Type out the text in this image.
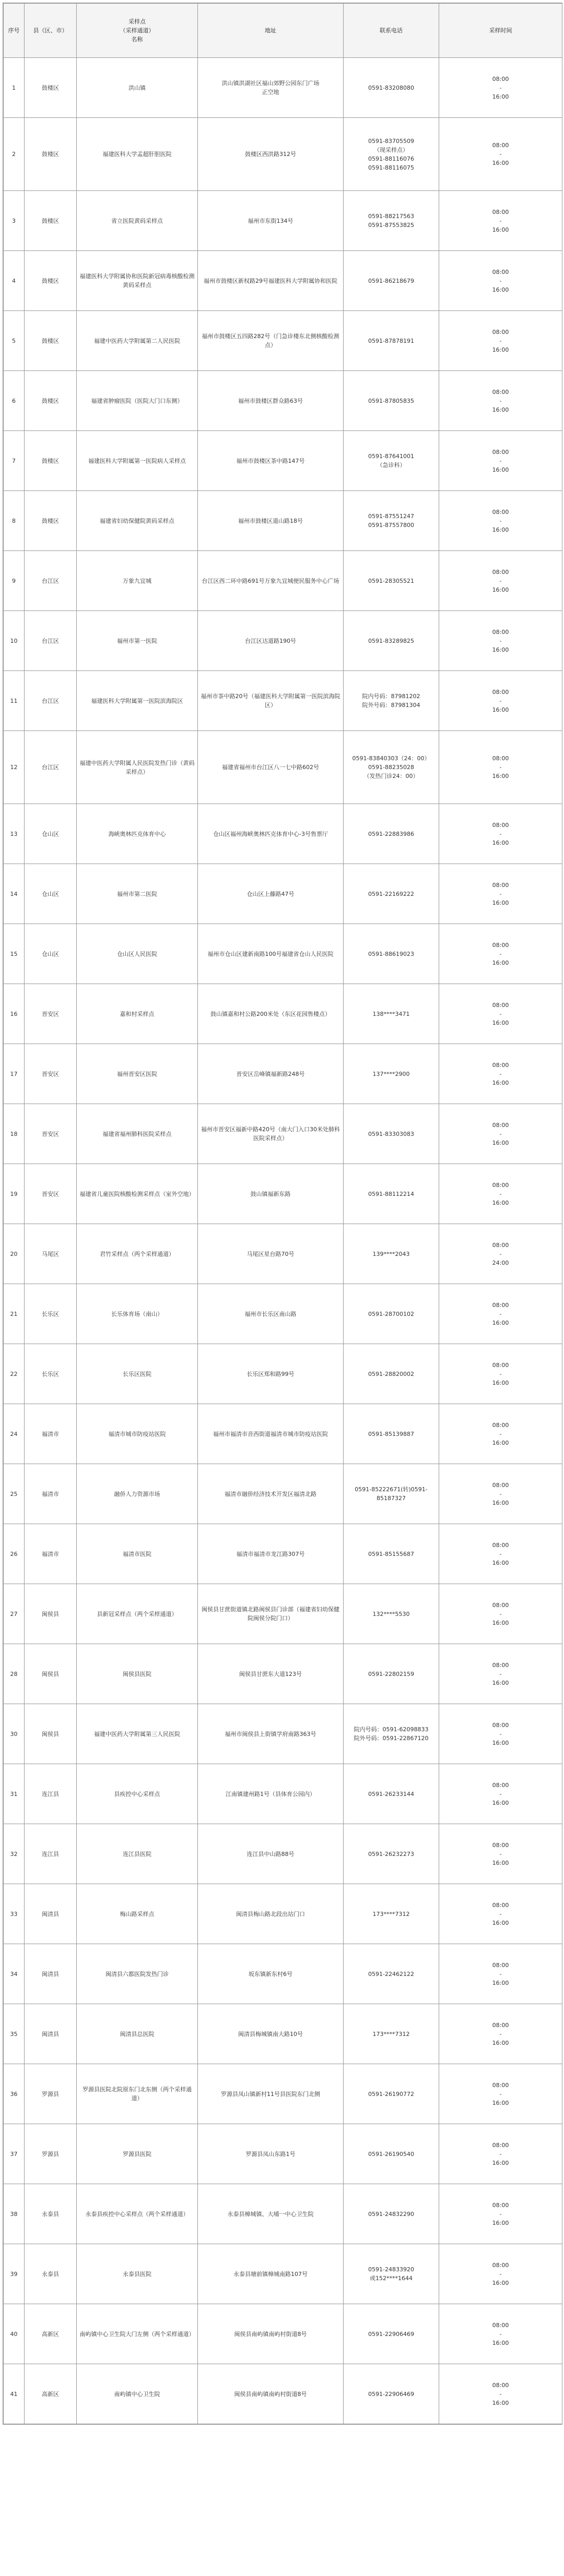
序号	县（区、市）	采样点
（采样通道）
名称	地址	联系电话	采样时间
1	鼓楼区	洪山镇	洪山镇洪湖社区福山郊野公园东门广场
正空地	0591-83208080	08:00
-
16:00

2	鼓楼区	福建医科大学孟超肝胆医院	鼓楼区西洪路312号	0591-83705509
（现采样点）
0591-88116076
0591-88116075	08:00
-
16:00

3	鼓楼区	省立医院黄码采样点	福州市东街134号	0591-88217563
0591-87553825	08:00
-
16:00

4	鼓楼区	福建医科大学附属协和医院新冠病毒核酸检测黄码采样点	福州市鼓楼区新权路29号福建医科大学附属协和医院	0591-86218679	08:00
-
16:00

5	鼓楼区	福建中医药大学附属第二人民医院	福州市鼓楼区五四路282号（门急诊楼东北侧核酸检测点）	0591-87878191	08:00
-
16:00

6	鼓楼区	福建省肿瘤医院（医院大门口东侧）	福州市鼓楼区群众路63号	0591-87805835	08:00
-
16:00

7	鼓楼区	福建医科大学附属第一医院病人采样点	福州市鼓楼区茶中路147号	0591-87641001
（急诊科）	08:00
-
16:00

8	鼓楼区	福建省妇幼保健院黄码采样点	福州市鼓楼区道山路18号	0591-87551247
0591-87557800	08:00
-
16:00

9	台江区	万象九宜城	台江区西二环中路691号万象九宜城便民服务中心广场	0591-28305521	08:00
-
16:00

10	台江区	福州市第一医院	台江区达道路190号	0591-83289825	08:00
-
16:00

11	台江区	福建医科大学附属第一医院滨海院区	福州市茶中路20号（福建医科大学附属第一医院滨海院区）	院内号码：87981202
院外号码：87981304	08:00
-
16:00

12	台江区	福建中医药大学附属人民医院发热门诊（黄码采样点）	福建省福州市台江区八一七中路602号	0591-83840303（24：00）0591-88235028
（发热门诊24：00）	08:00
-
16:00

13	仓山区	海峡奥林匹克体育中心	仓山区福州海峡奥林匹克体育中心-3号售票厅	0591-22883986	08:00
-
16:00

14	仓山区	福州市第二医院	仓山区上藤路47号	0591-22169222	08:00
-
16:00

15	仓山区	仓山区人民医院	福州市仓山区建新南路100号福建省仓山人民医院	0591-88619023	08:00
-
16:00

16	晋安区	嘉和村采样点	鼓山镇嘉和村公路200米处（东区花园售楼点）	138****3471	08:00
-
16:00

17	晋安区	福州晋安区医院	晋安区岳峰镇福新路248号	137****2900	08:00
-
16:00

18	晋安区	福建省福州肺科医院采样点	福州市晋安区福新中路420号（南大门入口30米处肺科医院采样点）	0591-83303083	08:00
-
16:00

19	晋安区	福建省儿童医院核酸检测采样点（室外空地）	鼓山镇福新东路	0591-88112214	08:00
-
16:00

20	马尾区	君竹采样点（两个采样通道）	马尾区星台路70号	139****2043	08:00
-
24:00

21	长乐区	长乐体育场（南山）	福州市长乐区南山路	0591-28700102	08:00
-
16:00

22	长乐区	长乐区医院	长乐区郑和路99号	0591-28820002	08:00
-
16:00

24	福清市	福清市城市防疫站医院	福州市福清市音西街道福清市城市防疫站医院	0591-85139887	08:00
-
16:00

25	福清市	融侨人力资源市场	福清市融侨经济技术开发区福清北路	0591-85222671(转)0591-85187327	08:00
-
16:00

26	福清市	福清市医院	福清市福清市龙江路307号	0591-85155687	08:00
-
16:00

27	闽侯县	县新冠采样点（两个采样通道）	闽侯县甘蔗街道镇北路闽侯县门诊部（福建省妇幼保健院闽侯分院门口）	132****5530	08:00
-
16:00

28	闽侯县	闽侯县医院	闽侯县甘蔗东大道123号	0591-22802159	08:00
-
16:00

30	闽侯县	福建中医药大学附属第三人民医院	福州市闽侯县上街镇学府南路363号	院内号码：0591-62098833
院外号码：0591-22867120	08:00
-
16:00

31	连江县	县疾控中心采样点	江南镇建州路1号（县体育公园内）	0591-26233144	08:00
-
16:00

32	连江县	连江县医院	连江县中山路88号	0591-26232273	08:00
-
16:00

33	闽清县	梅山路采样点	闽清县梅山路北段出站门口	173****7312	08:00
-
16:00

34	闽清县	闽清县六都医院发热门诊	坂东镇新东村6号	0591-22462122	08:00
-
16:00

35	闽清县	闽清县总医院	闽清县梅城镇南大路10号	173****7312	08:00
-
16:00

36	罗源县	罗源县医院北院原东门北东侧（两个采样通道）	罗源县凤山镇新村11号县医院东门北侧	0591-26190772	08:00
-
16:00

37	罗源县	罗源县医院	罗源县凤山东路1号	0591-26190540	08:00
-
16:00

38	永泰县	永泰县疾控中心采样点（两个采样通道）	永泰县樟城镇、大埔一中心卫生院	0591-24832290	08:00
-
16:00

39	永泰县	永泰县医院	永泰县塘前镇樟城南路107号	0591-24833920
或152****1644	08:00
-
16:00

40	高新区	南屿镇中心卫生院大门左侧（两个采样通道）	闽侯县南屿镇南屿村街道8号	0591-22906469	08:00
-
16:00

41	高新区	南屿镇中心卫生院	闽侯县南屿镇南屿村街道8号	0591-22906469	08:00
-
16:00
